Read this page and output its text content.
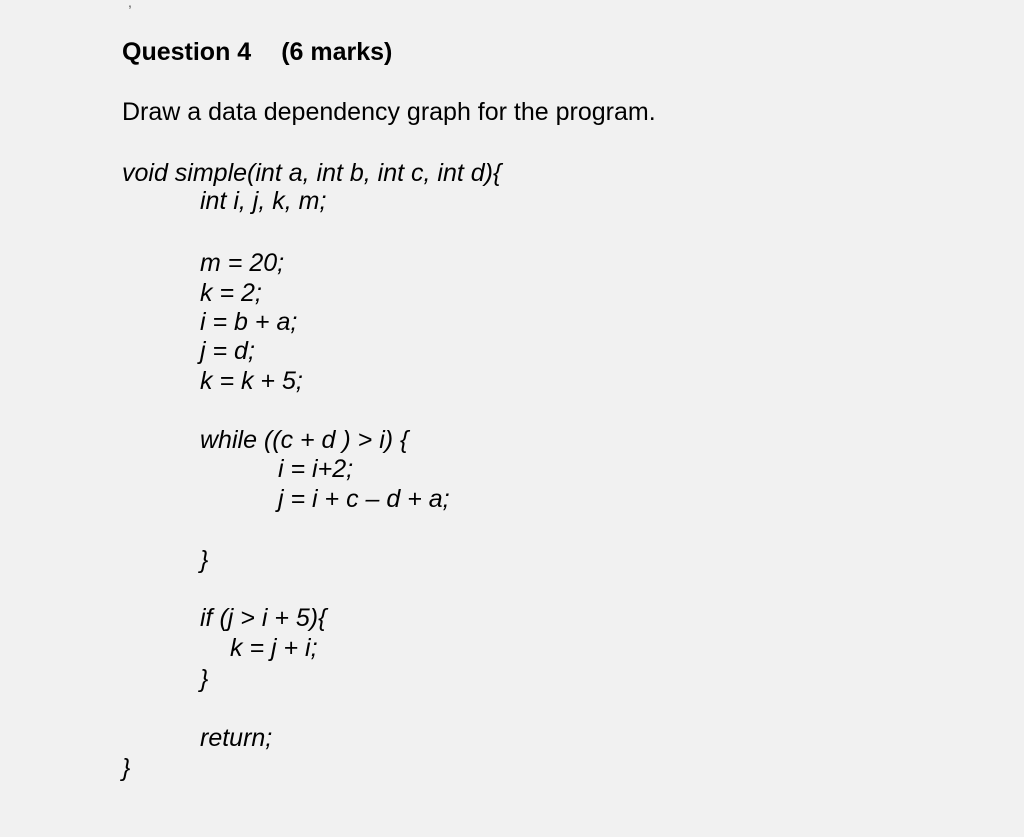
,
Question 4 (6 marks)
Draw a data dependency graph for the program.
void simple(int a, int b, int c, int d){
int i, j, k, m;
m = 20;
k = 2;
i = b + a;
j = d;
k = k + 5;
while ((c + d ) > i) {
i = i+2;
j = i + c – d + a;
}
if (j > i + 5){
k = j + i;
}
return;
}
